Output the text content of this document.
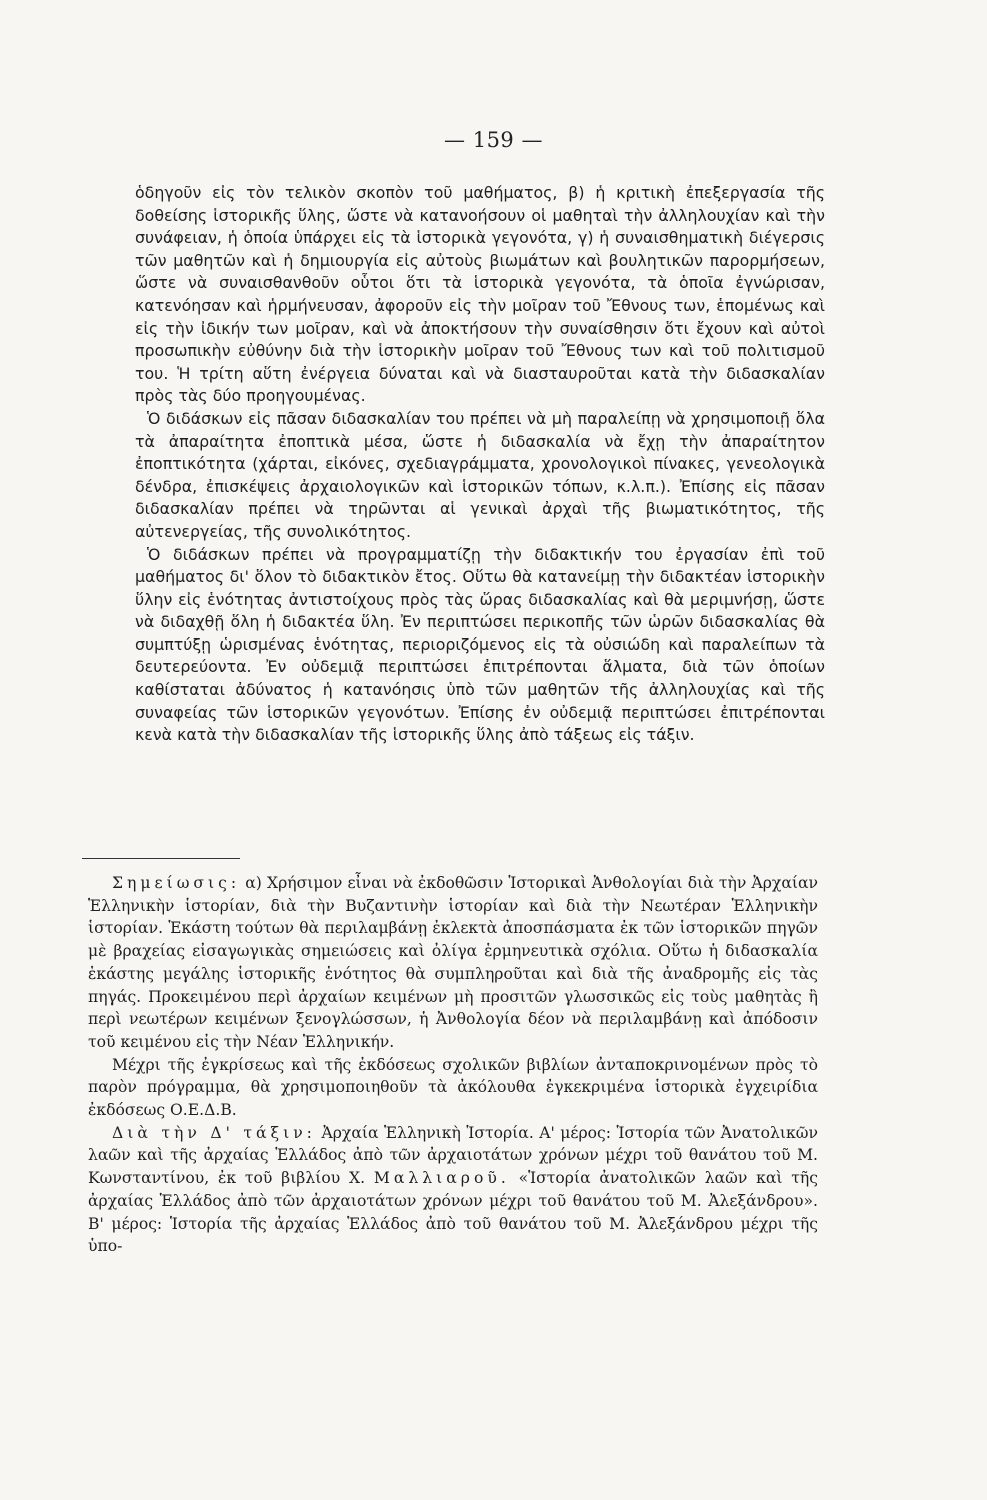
— 159 —

ὁδηγοῦν εἰς τὸν τελικὸν σκοπὸν τοῦ μαθήματος, β) ἡ κριτικὴ ἐπεξεργασία τῆς δοθείσης ἱστορικῆς ὕλης, ὥστε νὰ κατανοήσουν οἱ μαθηταὶ τὴν ἀλληλουχίαν καὶ τὴν συνάφειαν, ἡ ὁποία ὑπάρχει εἰς τὰ ἱστορικὰ γεγονότα, γ) ἡ συναισθηματικὴ διέγερσις τῶν μαθητῶν καὶ ἡ δημιουργία εἰς αὐτοὺς βιωμάτων καὶ βουλητικῶν παρορμήσεων, ὥστε νὰ συναισθανθοῦν οὗτοι ὅτι τὰ ἱστορικὰ γεγονότα, τὰ ὁποῖα ἐγνώρισαν, κατενόησαν καὶ ἡρμήνευσαν, ἀφοροῦν εἰς τὴν μοῖραν τοῦ Ἔθνους των, ἑπομένως καὶ εἰς τὴν ἰδικήν των μοῖραν, καὶ νὰ ἀποκτήσουν τὴν συναίσθησιν ὅτι ἔχουν καὶ αὐτοὶ προσωπικὴν εὐθύνην διὰ τὴν ἱστορικὴν μοῖραν τοῦ Ἔθνους των καὶ τοῦ πολιτισμοῦ του. Ἡ τρίτη αὕτη ἐνέργεια δύναται καὶ νὰ διασταυροῦται κατὰ τὴν διδασκαλίαν πρὸς τὰς δύο προηγουμένας.

Ὁ διδάσκων εἰς πᾶσαν διδασκαλίαν του πρέπει νὰ μὴ παραλείπῃ νὰ χρησιμοποιῇ ὅλα τὰ ἀπαραίτητα ἐποπτικὰ μέσα, ὥστε ἡ διδασκαλία νὰ ἔχῃ τὴν ἀπαραίτητον ἐποπτικότητα (χάρται, εἰκόνες, σχεδιαγράμματα, χρονολογικοὶ πίνακες, γενεολογικὰ δένδρα, ἐπισκέψεις ἀρχαιολογικῶν καὶ ἱστορικῶν τόπων, κ.λ.π.). Ἐπίσης εἰς πᾶσαν διδασκαλίαν πρέπει νὰ τηρῶνται αἱ γενικαὶ ἀρχαὶ τῆς βιωματικότητος, τῆς αὐτενεργείας, τῆς συνολικότητος.

Ὁ διδάσκων πρέπει νὰ προγραμματίζῃ τὴν διδακτικήν του ἐργασίαν ἐπὶ τοῦ μαθήματος δι' ὅλον τὸ διδακτικὸν ἔτος. Οὕτω θὰ κατανείμῃ τὴν διδακτέαν ἱστορικὴν ὕλην εἰς ἑνότητας ἀντιστοίχους πρὸς τὰς ὥρας διδασκαλίας καὶ θὰ μεριμνήσῃ, ὥστε νὰ διδαχθῇ ὅλη ἡ διδακτέα ὕλη. Ἐν περιπτώσει περικοπῆς τῶν ὡρῶν διδασκαλίας θὰ συμπτύξῃ ὡρισμένας ἑνότητας, περιοριζόμενος εἰς τὰ οὐσιώδη καὶ παραλείπων τὰ δευτερεύοντα. Ἐν οὐδεμιᾷ περιπτώσει ἐπιτρέπονται ἅλματα, διὰ τῶν ὁποίων καθίσταται ἀδύνατος ἡ κατανόησις ὑπὸ τῶν μαθητῶν τῆς ἀλληλουχίας καὶ τῆς συναφείας τῶν ἱστορικῶν γεγονότων. Ἐπίσης ἐν οὐδεμιᾷ περιπτώσει ἐπιτρέπονται κενὰ κατὰ τὴν διδασκαλίαν τῆς ἱστορικῆς ὕλης ἀπὸ τάξεως εἰς τάξιν.

Σημείωσις: α) Χρήσιμον εἶναι νὰ ἐκδοθῶσιν Ἱστορικαὶ Ἀνθολογίαι διὰ τὴν Ἀρχαίαν Ἑλληνικὴν ἱστορίαν, διὰ τὴν Βυζαντινὴν ἱστορίαν καὶ διὰ τὴν Νεωτέραν Ἑλληνικὴν ἱστορίαν. Ἑκάστη τούτων θὰ περιλαμβάνῃ ἐκλεκτὰ ἀποσπάσματα ἐκ τῶν ἱστορικῶν πηγῶν μὲ βραχείας εἰσαγωγικὰς σημειώσεις καὶ ὀλίγα ἑρμηνευτικὰ σχόλια. Οὕτω ἡ διδασκαλία ἑκάστης μεγάλης ἱστορικῆς ἑνότητος θὰ συμπληροῦται καὶ διὰ τῆς ἀναδρομῆς εἰς τὰς πηγάς. Προκειμένου περὶ ἀρχαίων κειμένων μὴ προσιτῶν γλωσσικῶς εἰς τοὺς μαθητὰς ἢ περὶ νεωτέρων κειμένων ξενογλώσσων, ἡ Ἀνθολογία δέον νὰ περιλαμβάνῃ καὶ ἀπόδοσιν τοῦ κειμένου εἰς τὴν Νέαν Ἑλληνικήν.

Μέχρι τῆς ἐγκρίσεως καὶ τῆς ἐκδόσεως σχολικῶν βιβλίων ἀνταποκρινομένων πρὸς τὸ παρὸν πρόγραμμα, θὰ χρησιμοποιηθοῦν τὰ ἀκόλουθα ἐγκεκριμένα ἱστορικὰ ἐγχειρίδια ἐκδόσεως Ο.Ε.Δ.Β.

Διὰ τὴν Δ' τάξιν: Ἀρχαία Ἑλληνικὴ Ἱστορία. Α' μέρος: Ἱστορία τῶν Ἀνατολικῶν λαῶν καὶ τῆς ἀρχαίας Ἑλλάδος ἀπὸ τῶν ἀρχαιοτάτων χρόνων μέχρι τοῦ θανάτου τοῦ Μ. Κωνσταντίνου, ἐκ τοῦ βιβλίου Χ. Μαλλιαροῦ. «Ἱστορία ἀνατολικῶν λαῶν καὶ τῆς ἀρχαίας Ἑλλάδος ἀπὸ τῶν ἀρχαιοτάτων χρόνων μέχρι τοῦ θανάτου τοῦ Μ. Ἀλεξάνδρου». Β' μέρος: Ἱστορία τῆς ἀρχαίας Ἑλλάδος ἀπὸ τοῦ θανάτου τοῦ Μ. Ἀλεξάνδρου μέχρι τῆς ὑπο-
